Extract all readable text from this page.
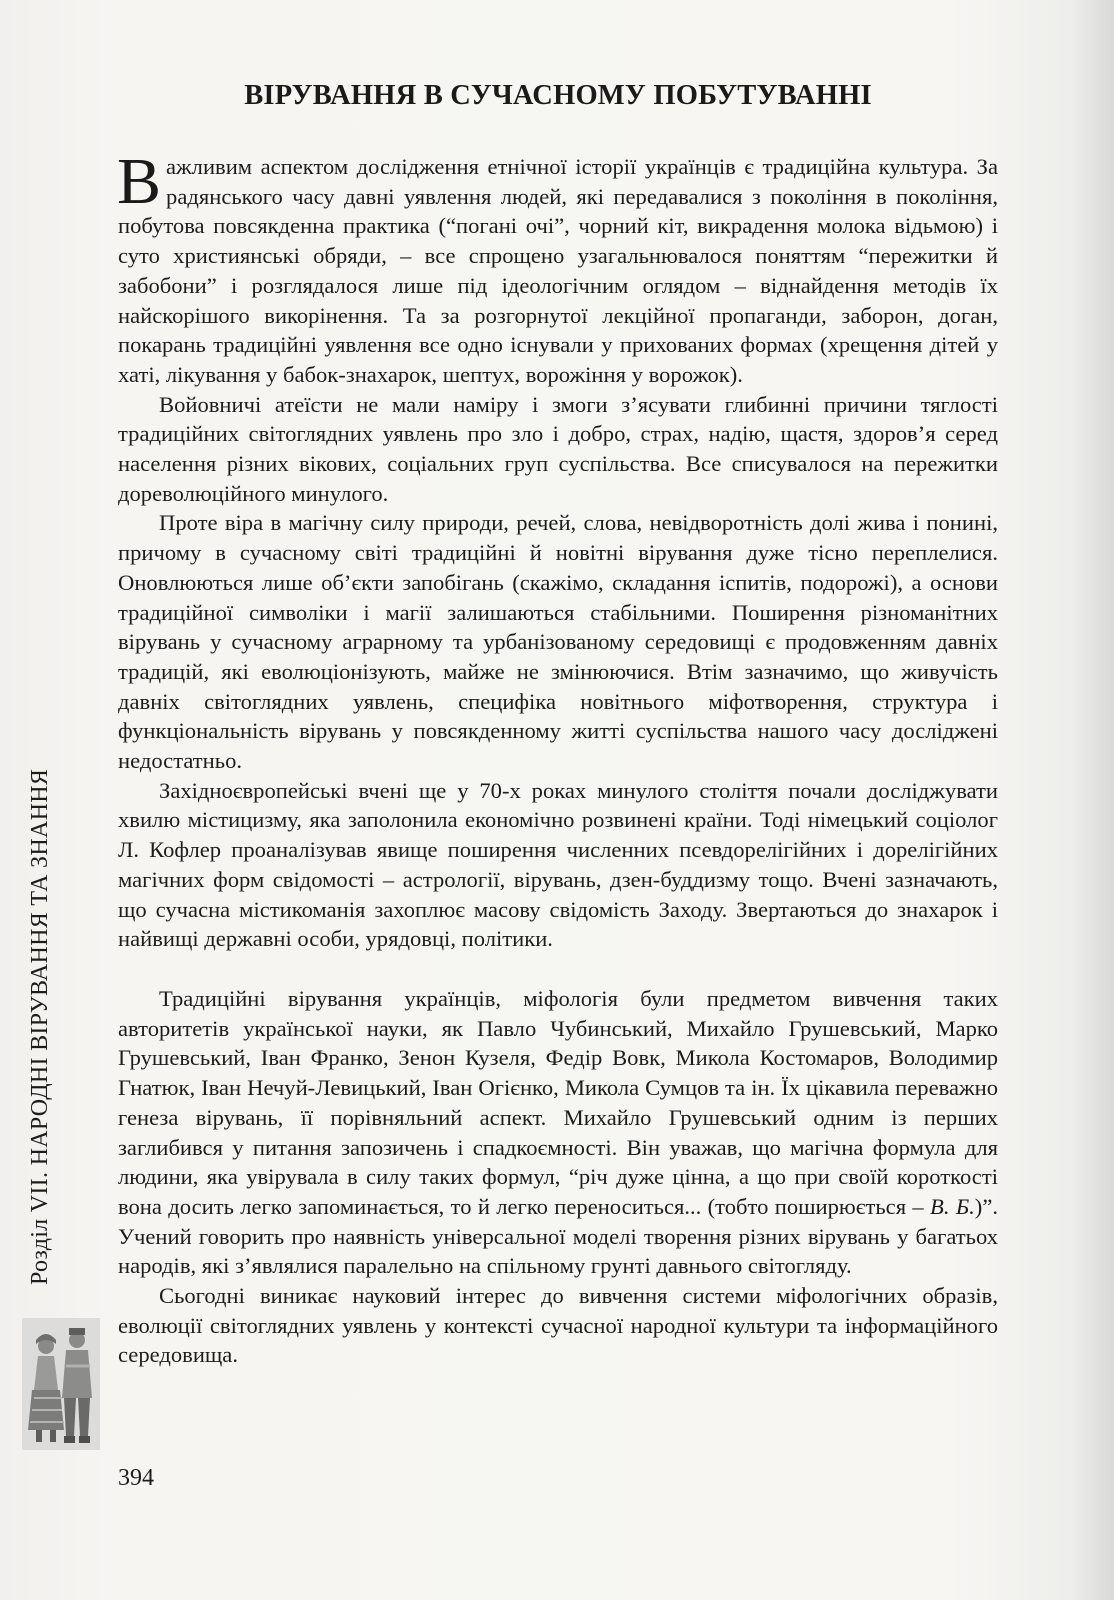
ВІРУВАННЯ В СУЧАСНОМУ ПОБУТУВАННІ

Важливим аспектом дослідження етнічної історії українців є традиційна культура. За радянського часу давні уявлення людей, які передавалися з покоління в покоління, побутова повсякденна практика (“погані очі”, чорний кіт, викрадення молока відьмою) і суто християнські обряди, – все спрощено узагальнювалося поняттям “пережитки й забобони” і розглядалося лише під ідеологічним оглядом – віднайдення методів їх найскорішого викорінення. Та за розгорнутої лекційної пропаганди, заборон, доган, покарань традиційні уявлення все одно існували у прихованих формах (хрещення дітей у хаті, лікування у бабок-знахарок, шептух, ворожіння у ворожок).

Войовничі атеїсти не мали наміру і змоги з’ясувати глибинні причини тяглості традиційних світоглядних уявлень про зло і добро, страх, надію, щастя, здоров’я серед населення різних вікових, соціальних груп суспільства. Все списувалося на пережитки дореволюційного минулого.

Проте віра в магічну силу природи, речей, слова, невідворотність долі жива і понині, причому в сучасному світі традиційні й новітні вірування дуже тісно переплелися. Оновлюються лише об’єкти запобігань (скажімо, складання іспитів, подорожі), а основи традиційної символіки і магії залишаються стабільними. Поширення різноманітних вірувань у сучасному аграрному та урбанізованому середовищі є продовженням давніх традицій, які еволюціонізують, майже не змінюючися. Втім зазначимо, що живучість давніх світоглядних уявлень, специфіка новітнього міфотворення, структура і функціональність вірувань у повсякденному житті суспільства нашого часу досліджені недостатньо.

Західноєвропейські вчені ще у 70-х роках минулого століття почали досліджувати хвилю містицизму, яка заполонила економічно розвинені країни. Тоді німецький соціолог Л. Кофлер проаналізував явище поширення численних псевдорелігійних і дорелігійних магічних форм свідомості – астрології, вірувань, дзен-буддизму тощо. Вчені зазначають, що сучасна містикоманія захоплює масову свідомість Заходу. Звертаються до знахарок і найвищі державні особи, урядовці, політики.

Традиційні вірування українців, міфологія були предметом вивчення таких авторитетів української науки, як Павло Чубинський, Михайло Грушевський, Марко Грушевський, Іван Франко, Зенон Кузеля, Федір Вовк, Микола Костомаров, Володимир Гнатюк, Іван Нечуй-Левицький, Іван Огієнко, Микола Сумцов та ін. Їх цікавила переважно генеза вірувань, її порівняльний аспект. Михайло Грушевський одним із перших заглибився у питання запозичень і спадкоємності. Він уважав, що магічна формула для людини, яка увірувала в силу таких формул, “річ дуже цінна, а що при своїй короткості вона досить легко запоминається, то й легко переноситься... (тобто поширюється – В. Б.)”. Учений говорить про наявність універсальної моделі творення різних вірувань у багатьох народів, які з’являлися паралельно на спільному грунті давнього світогляду.

Сьогодні виникає науковий інтерес до вивчення системи міфологічних образів, еволюції світоглядних уявлень у контексті сучасної народної культури та інформаційного середовища.

Розділ VII. НАРОДНІ ВІРУВАННЯ ТА ЗНАННЯ
394
